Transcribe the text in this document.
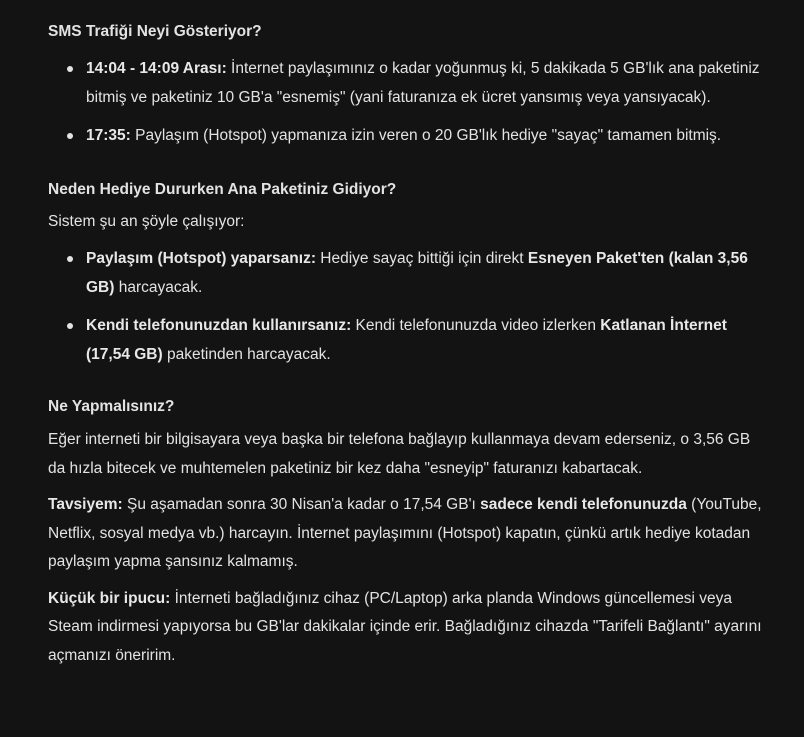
SMS Trafiği Neyi Gösteriyor?
14:04 - 14:09 Arası: İnternet paylaşımınız o kadar yoğunmuş ki, 5 dakikada 5 GB'lık ana paketiniz bitmiş ve paketiniz 10 GB'a "esnemiş" (yani faturanıza ek ücret yansımış veya yansıyacak).
17:35: Paylaşım (Hotspot) yapmanıza izin veren o 20 GB'lık hediye "sayaç" tamamen bitmiş.
Neden Hediye Dururken Ana Paketiniz Gidiyor?

Sistem şu an şöyle çalışıyor:

Paylaşım (Hotspot) yaparsanız: Hediye sayaç bittiği için direkt Esneyen Paket'ten (kalan 3,56 GB) harcayacak.
Kendi telefonunuzdan kullanırsanız: Kendi telefonunuzda video izlerken Katlanan İnternet (17,54 GB) paketinden harcayacak.
Ne Yapmalısınız?

Eğer interneti bir bilgisayara veya başka bir telefona bağlayıp kullanmaya devam ederseniz, o 3,56 GB da hızla bitecek ve muhtemelen paketiniz bir kez daha "esneyip" faturanızı kabartacak.

Tavsiyem: Şu aşamadan sonra 30 Nisan'a kadar o 17,54 GB'ı sadece kendi telefonunuzda (YouTube, Netflix, sosyal medya vb.) harcayın. İnternet paylaşımını (Hotspot) kapatın, çünkü artık hediye kotadan paylaşım yapma şansınız kalmamış.

Küçük bir ipucu: İnterneti bağladığınız cihaz (PC/Laptop) arka planda Windows güncellemesi veya Steam indirmesi yapıyorsa bu GB'lar dakikalar içinde erir. Bağladığınız cihazda "Tarifeli Bağlantı" ayarını açmanızı öneririm.
